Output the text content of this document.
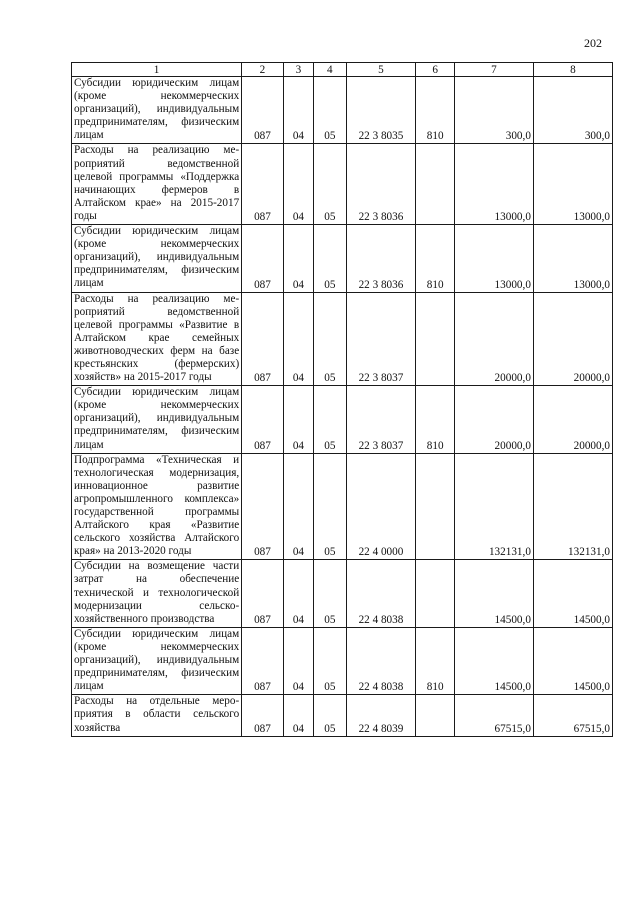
202
1	2	3	4	5	6	7	8
Субсидии юридическим лицам (кроме некоммерческих организаций), индивидуальным предпринимателям, физическим лицам	087	04	05	22 3 8035	810	300,0	300,0
Расходы на реализацию мероприятий ведомственной целевой программы «Поддержка начинающих фермеров в Алтайском крае» на 2015-2017 годы	087	04	05	22 3 8036		13000,0	13000,0
Субсидии юридическим лицам (кроме некоммерческих организаций), индивидуальным предпринимателям, физическим лицам	087	04	05	22 3 8036	810	13000,0	13000,0
Расходы на реализацию мероприятий ведомственной целевой программы «Развитие в Алтайском крае семейных животноводческих ферм на базе крестьянских (фермерских) хозяйств» на 2015-2017 годы	087	04	05	22 3 8037		20000,0	20000,0
Субсидии юридическим лицам (кроме некоммерческих организаций), индивидуальным предпринимателям, физическим лицам	087	04	05	22 3 8037	810	20000,0	20000,0
Подпрограмма «Техническая и технологическая модернизация, инновационное развитие агропромышленного комплекса» государственной программы Алтайского края «Развитие сельского хозяйства Алтайского края» на 2013-2020 годы	087	04	05	22 4 0000		132131,0	132131,0
Субсидии на возмещение части затрат на обеспечение технической и технологической модернизации сельскохозяйственного производства	087	04	05	22 4 8038		14500,0	14500,0
Субсидии юридическим лицам (кроме некоммерческих организаций), индивидуальным предпринимателям, физическим лицам	087	04	05	22 4 8038	810	14500,0	14500,0
Расходы на отдельные мероприятия в области сельского хозяйства	087	04	05	22 4 8039		67515,0	67515,0
